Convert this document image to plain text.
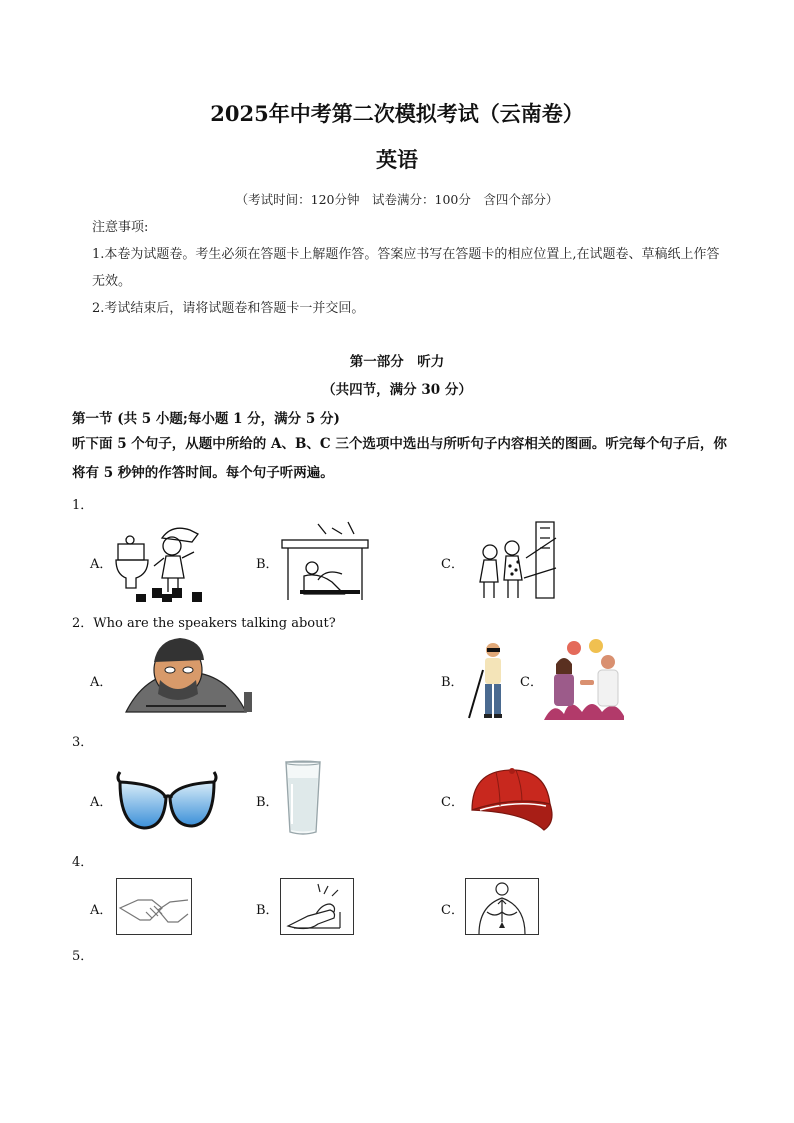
2025年中考第二次模拟考试（云南卷）
英语
（考试时间：120分钟　试卷满分：100分　含四个部分）
注意事项:
1.本卷为试题卷。考生必须在答题卡上解题作答。答案应书写在答题卡的相应位置上,在试题卷、草稿纸上作答无效。
2.考试结束后，请将试题卷和答题卡一并交回。
第一部分　听力
（共四节，满分 30 分）
第一节 (共 5 小题;每小题 1 分，满分 5 分)
听下面 5 个句子，从题中所给的 A、B、C 三个选项中选出与所听句子内容相关的图画。听完每个句子后，你将有 5 秒钟的作答时间。每个句子听两遍。
1．
A．	B．	C．
2．Who are the speakers talking about?
A．	B．	C．
3．
A．	B．	C．
4．
A．	B．	C．
5．
